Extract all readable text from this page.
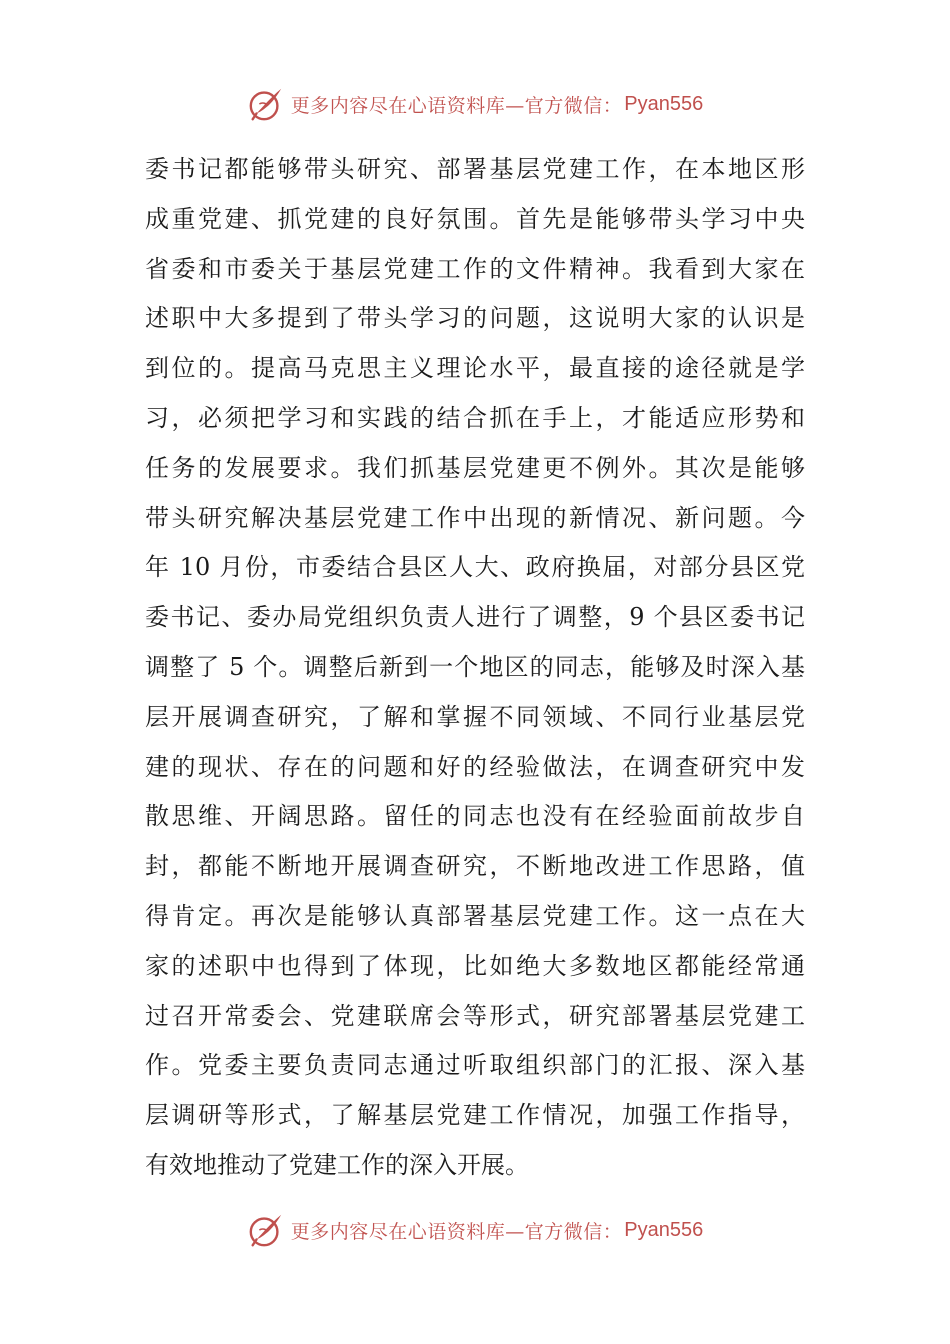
更多内容尽在心语资料库—官方微信： Pyan556
委书记都能够带头研究、部署基层党建工作，在本地区形
成重党建、抓党建的良好氛围。首先是能够带头学习中央
省委和市委关于基层党建工作的文件精神。我看到大家在
述职中大多提到了带头学习的问题，这说明大家的认识是
到位的。提高马克思主义理论水平，最直接的途径就是学
习，必须把学习和实践的结合抓在手上，才能适应形势和
任务的发展要求。我们抓基层党建更不例外。其次是能够
带头研究解决基层党建工作中出现的新情况、新问题。今
年 10 月份，市委结合县区人大、政府换届，对部分县区党
委书记、委办局党组织负责人进行了调整，9 个县区委书记
调整了 5 个。调整后新到一个地区的同志，能够及时深入基
层开展调查研究，了解和掌握不同领域、不同行业基层党
建的现状、存在的问题和好的经验做法，在调查研究中发
散思维、开阔思路。留任的同志也没有在经验面前故步自
封，都能不断地开展调查研究，不断地改进工作思路，值
得肯定。再次是能够认真部署基层党建工作。这一点在大
家的述职中也得到了体现，比如绝大多数地区都能经常通
过召开常委会、党建联席会等形式，研究部署基层党建工
作。党委主要负责同志通过听取组织部门的汇报、深入基
层调研等形式，了解基层党建工作情况，加强工作指导，
有效地推动了党建工作的深入开展。
更多内容尽在心语资料库—官方微信： Pyan556
